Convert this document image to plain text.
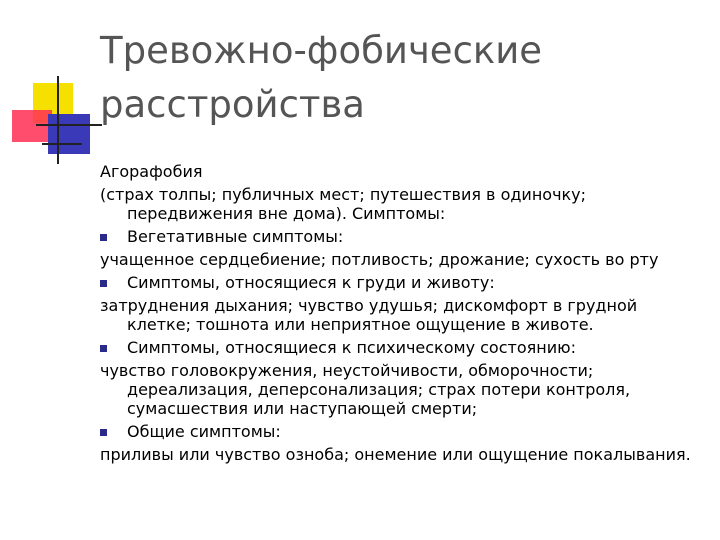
Тревожно-фобические
расстройства

Агорафобия

(страх толпы; публичных мест; путешествия в одиночку; передвижения вне дома). Симптомы:

Вегетативные симптомы:

учащенное сердцебиение; потливость; дрожание; сухость во рту

Симптомы, относящиеся к груди и животу:

затруднения дыхания; чувство удушья; дискомфорт в грудной клетке; тошнота или неприятное ощущение в животе.

Симптомы, относящиеся к психическому состоянию:

чувство головокружения, неустойчивости, обморочности; дереализация, деперсонализация; страх потери контроля, сумасшествия или наступающей смерти;

Общие симптомы:

приливы или чувство озноба; онемение или ощущение покалывания.
